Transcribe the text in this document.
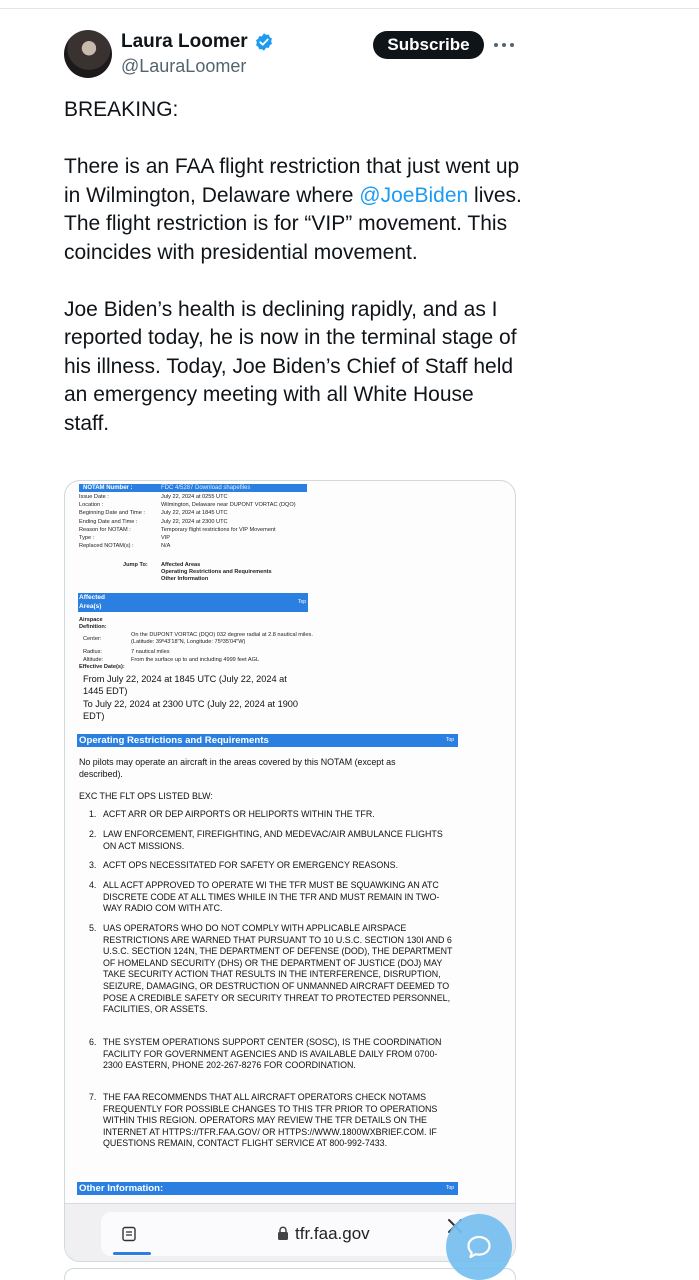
Laura Loomer
@LauraLoomer
Subscribe

BREAKING:

There is an FAA flight restriction that just went up in Wilmington, Delaware where @JoeBiden lives. The flight restriction is for “VIP” movement. This coincides with presidential movement.

Joe Biden’s health is declining rapidly, and as I reported today, he is now in the terminal stage of his illness. Today, Joe Biden’s Chief of Staff held an emergency meeting with all White House staff.

NOTAM Number :	FDC 4/5287 Download shapefiles
Issue Date :	July 22, 2024 at 0255 UTC
Location :	Wilmington, Delaware near DUPONT VORTAC (DQO)
Beginning Date and Time :	July 22, 2024 at 1845 UTC
Ending Date and Time :	July 22, 2024 at 2300 UTC
Reason for NOTAM :	Temporary flight restrictions for VIP Movement
Type :	VIP
Replaced NOTAM(s) :	N/A
Jump To: Affected Areas
Operating Restrictions and Requirements
Other Information
Affected Area(s)
Top
Airspace Definition:
Center:
On the DUPONT VORTAC (DQO) 032 degree radial at 2.8 nautical miles. (Latitude: 39º43'18"N, Longitude: 75º35'04"W)
Radius:	7 nautical miles
Altitude:	From the surface up to and including 4999 feet AGL
Effective Date(s):
From July 22, 2024 at 1845 UTC (July 22, 2024 at 1445 EDT)
To July 22, 2024 at 2300 UTC (July 22, 2024 at 1900 EDT)
Operating Restrictions and Requirements	Top
No pilots may operate an aircraft in the areas covered by this NOTAM (except as described).
EXC THE FLT OPS LISTED BLW:
1. ACFT ARR OR DEP AIRPORTS OR HELIPORTS WITHIN THE TFR.
2. LAW ENFORCEMENT, FIREFIGHTING, AND MEDEVAC/AIR AMBULANCE FLIGHTS ON ACT MISSIONS.
3. ACFT OPS NECESSITATED FOR SAFETY OR EMERGENCY REASONS.
4. ALL ACFT APPROVED TO OPERATE WI THE TFR MUST BE SQUAWKING AN ATC DISCRETE CODE AT ALL TIMES WHILE IN THE TFR AND MUST REMAIN IN TWO-WAY RADIO COM WITH ATC.
5. UAS OPERATORS WHO DO NOT COMPLY WITH APPLICABLE AIRSPACE RESTRICTIONS ARE WARNED THAT PURSUANT TO 10 U.S.C. SECTION 130I AND 6 U.S.C. SECTION 124N, THE DEPARTMENT OF DEFENSE (DOD), THE DEPARTMENT OF HOMELAND SECURITY (DHS) OR THE DEPARTMENT OF JUSTICE (DOJ) MAY TAKE SECURITY ACTION THAT RESULTS IN THE INTERFERENCE, DISRUPTION, SEIZURE, DAMAGING, OR DESTRUCTION OF UNMANNED AIRCRAFT DEEMED TO POSE A CREDIBLE SAFETY OR SECURITY THREAT TO PROTECTED PERSONNEL, FACILITIES, OR ASSETS.
6. THE SYSTEM OPERATIONS SUPPORT CENTER (SOSC), IS THE COORDINATION FACILITY FOR GOVERNMENT AGENCIES AND IS AVAILABLE DAILY FROM 0700-2300 EASTERN, PHONE 202-267-8276 FOR COORDINATION.
7. THE FAA RECOMMENDS THAT ALL AIRCRAFT OPERATORS CHECK NOTAMS FREQUENTLY FOR POSSIBLE CHANGES TO THIS TFR PRIOR TO OPERATIONS WITHIN THIS REGION. OPERATORS MAY REVIEW THE TFR DETAILS ON THE INTERNET AT HTTPS://TFR.FAA.GOV/ OR HTTPS://WWW.1800WXBRIEF.COM. IF QUESTIONS REMAIN, CONTACT FLIGHT SERVICE AT 800-992-7433.
Other Information:	Top
tfr.faa.gov
